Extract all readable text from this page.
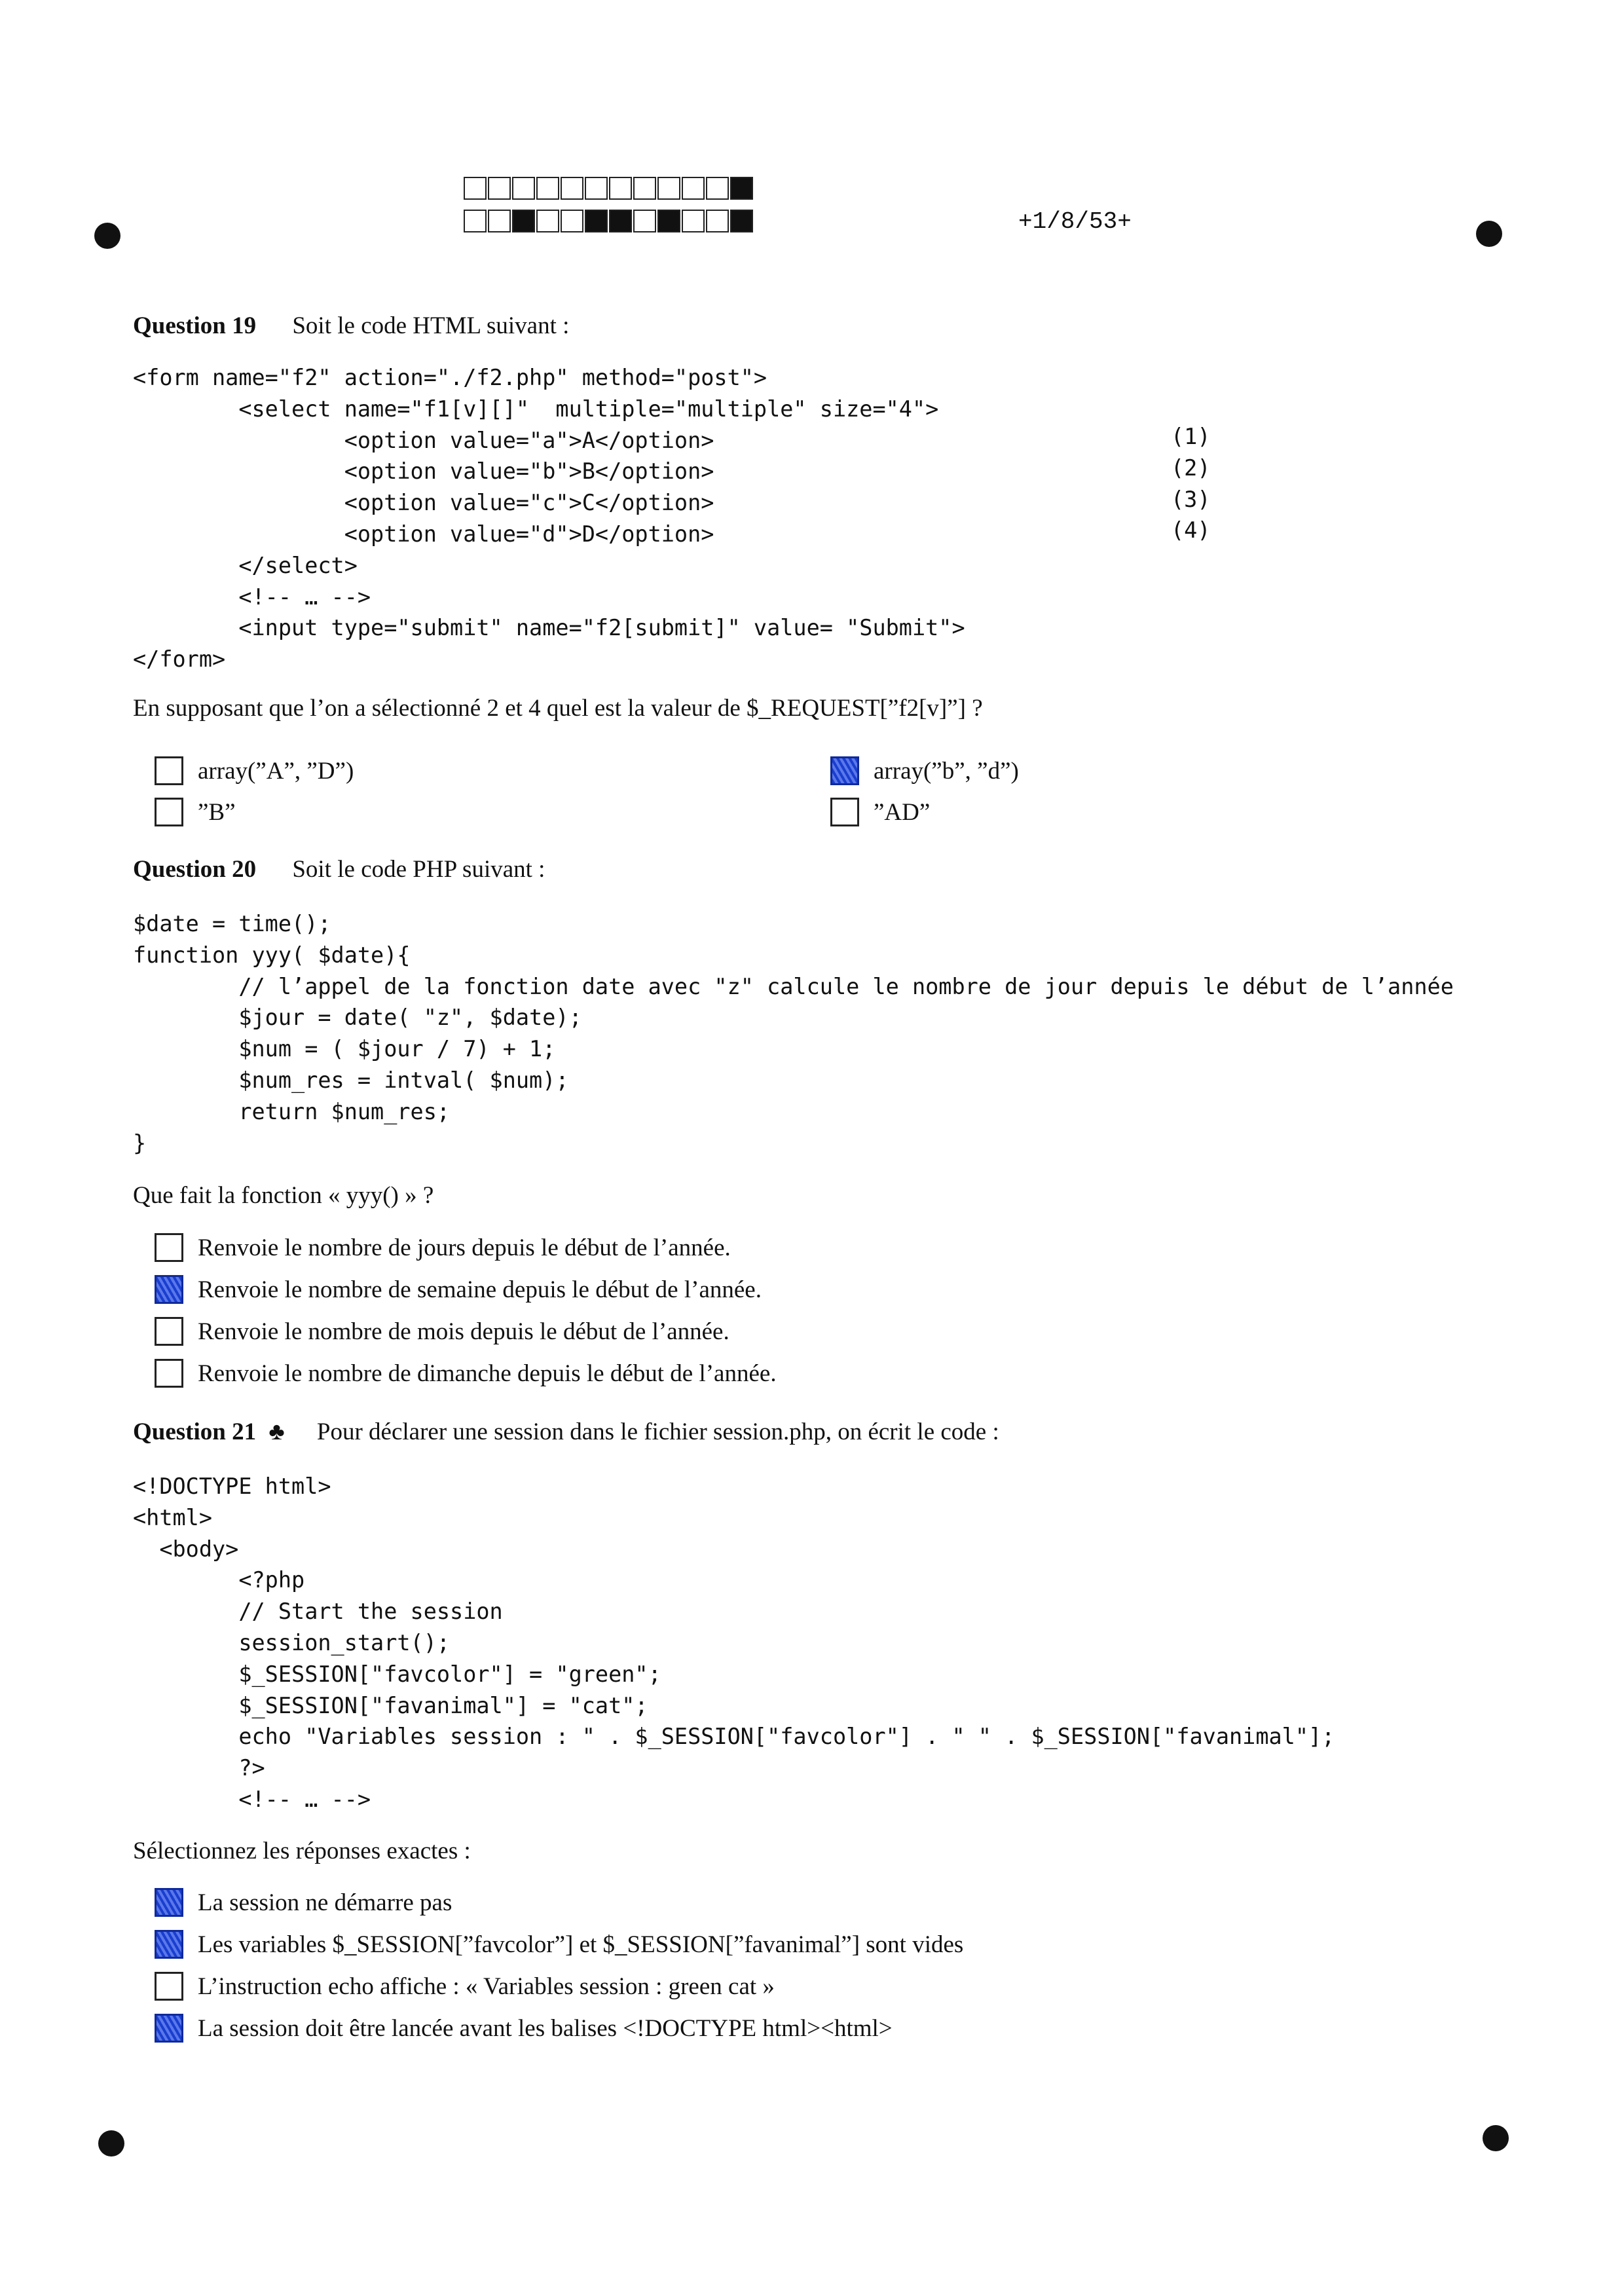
+1/8/53+
Question 19 Soit le code HTML suivant :
<form name="f2" action="./f2.php" method="post">
<select name="f1[v][]"  multiple="multiple" size="4">
<option value="a">A</option>
<option value="b">B</option>
<option value="c">C</option>
<option value="d">D</option>
</select>
<!-- … -->
<input type="submit" name="f2[submit]" value= "Submit">
</form>
(1)
(2)
(3)
(4)
En supposant que l’on a sélectionné 2 et 4 quel est la valeur de $_REQUEST[”f2[v]”] ?
array(”A”, ”D”)	array(”b”, ”d”)
”B”	”AD”
Question 20 Soit le code PHP suivant :
$date = time();
function yyy( $date){
// l’appel de la fonction date avec "z" calcule le nombre de jour depuis le début de l’année
$jour = date( "z", $date);
$num = ( $jour / 7) + 1;
$num_res = intval( $num);
return $num_res;
}
Que fait la fonction « yyy() » ?
Renvoie le nombre de jours depuis le début de l’année.
Renvoie le nombre de semaine depuis le début de l’année.
Renvoie le nombre de mois depuis le début de l’année.
Renvoie le nombre de dimanche depuis le début de l’année.
Question 21 ♣ Pour déclarer une session dans le fichier session.php, on écrit le code :
<!DOCTYPE html>
<html>
<body>
<?php
// Start the session
session_start();
$_SESSION["favcolor"] = "green";
$_SESSION["favanimal"] = "cat";
echo "Variables session : " . $_SESSION["favcolor"] . " " . $_SESSION["favanimal"];
?>
<!-- … -->
Sélectionnez les réponses exactes :
La session ne démarre pas
Les variables $_SESSION[”favcolor”] et $_SESSION[”favanimal”] sont vides
L’instruction echo affiche : « Variables session : green cat »
La session doit être lancée avant les balises <!DOCTYPE html><html>
